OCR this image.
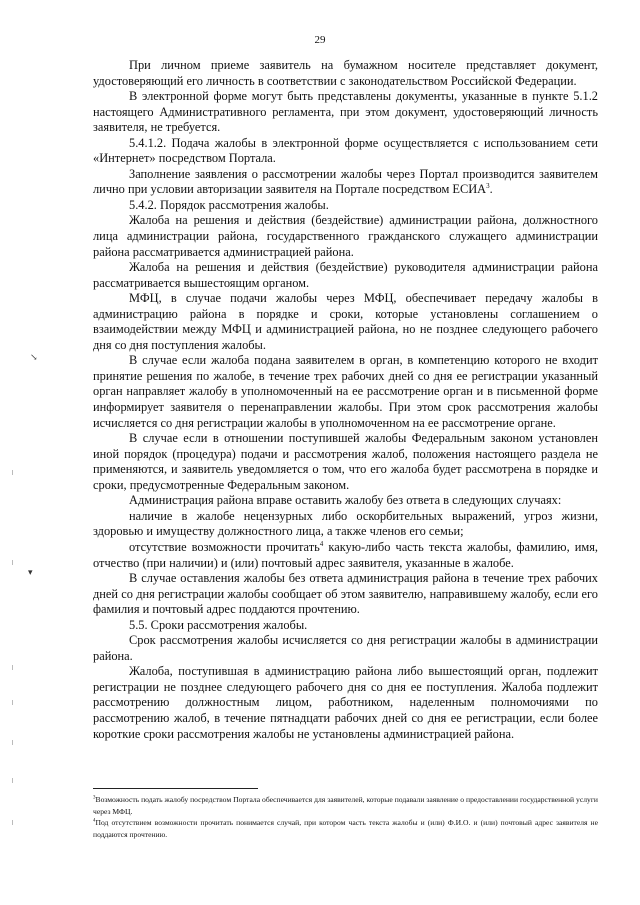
29
↘
▾

При личном приеме заявитель на бумажном носителе представляет документ, удостоверяющий его личность в соответствии с законодательством Российской Федерации.

В электронной форме могут быть представлены документы, указанные в пункте 5.1.2 настоящего Административного регламента, при этом документ, удостоверяющий личность заявителя, не требуется.

5.4.1.2. Подача жалобы в электронной форме осуществляется с использованием сети «Интернет» посредством Портала.

Заполнение заявления о рассмотрении жалобы через Портал производится заявителем лично при условии авторизации заявителя на Портале посредством ЕСИА$^3$.

5.4.2. Порядок рассмотрения жалобы.

Жалоба на решения и действия (бездействие) администрации района, должностного лица администрации района, государственного гражданского служащего администрации района рассматривается администрацией района.

Жалоба на решения и действия (бездействие) руководителя администрации района рассматривается вышестоящим органом.

МФЦ, в случае подачи жалобы через МФЦ, обеспечивает передачу жалобы в администрацию района в порядке и сроки, которые установлены соглашением о взаимодействии между МФЦ и администрацией района, но не позднее следующего рабочего дня со дня поступления жалобы.

В случае если жалоба подана заявителем в орган, в компетенцию которого не входит принятие решения по жалобе, в течение трех рабочих дней со дня ее регистрации указанный орган направляет жалобу в уполномоченный на ее рассмотрение орган и в письменной форме информирует заявителя о перенаправлении жалобы. При этом срок рассмотрения жалобы исчисляется со дня регистрации жалобы в уполномоченном на ее рассмотрение органе.

В случае если в отношении поступившей жалобы Федеральным законом установлен иной порядок (процедура) подачи и рассмотрения жалоб, положения настоящего раздела не применяются, и заявитель уведомляется о том, что его жалоба будет рассмотрена в порядке и сроки, предусмотренные Федеральным законом.

Администрация района вправе оставить жалобу без ответа в следующих случаях:

наличие в жалобе нецензурных либо оскорбительных выражений, угроз жизни, здоровью и имуществу должностного лица, а также членов его семьи;

отсутствие возможности прочитать$^4$ какую-либо часть текста жалобы, фамилию, имя, отчество (при наличии) и (или) почтовый адрес заявителя, указанные в жалобе.

В случае оставления жалобы без ответа администрация района в течение трех рабочих дней со дня регистрации жалобы сообщает об этом заявителю, направившему жалобу, если его фамилия и почтовый адрес поддаются прочтению.

5.5. Сроки рассмотрения жалобы.

Срок рассмотрения жалобы исчисляется со дня регистрации жалобы в администрации района.

Жалоба, поступившая в администрацию района либо вышестоящий орган, подлежит регистрации не позднее следующего рабочего дня со дня ее поступления. Жалоба подлежит рассмотрению должностным лицом, работником, наделенным полномочиями по рассмотрению жалоб, в течение пятнадцати рабочих дней со дня ее регистрации, если более короткие сроки рассмотрения жалобы не установлены администрацией района.

$^3$Возможность подать жалобу посредством Портала обеспечивается для заявителей, которые подавали заявление о предоставлении государственной услуги через МФЦ.

$^4$Под отсутствием возможности прочитать понимается случай, при котором часть текста жалобы и (или) Ф.И.О. и (или) почтовый адрес заявителя не поддаются прочтению.
